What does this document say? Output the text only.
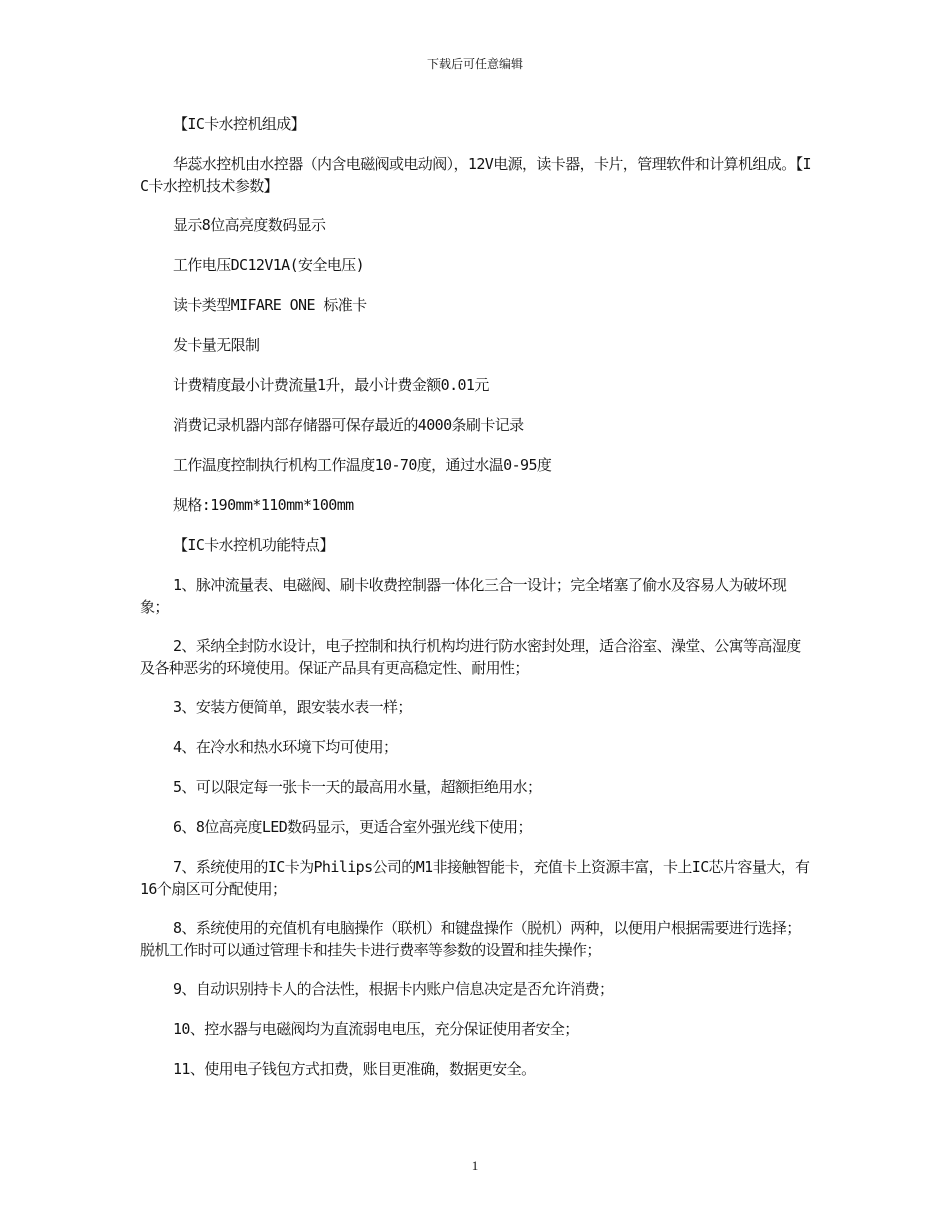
下载后可任意编辑

【IC卡水控机组成】

华蕊水控机由水控器（内含电磁阀或电动阀），12V电源，读卡器，卡片，管理软件和计算机组成。【IC卡水控机技术参数】

显示8位高亮度数码显示

工作电压DC12V1A(安全电压)

读卡类型MIFARE ONE 标准卡

发卡量无限制

计费精度最小计费流量1升，最小计费金额0.01元

消费记录机器内部存储器可保存最近的4000条刷卡记录

工作温度控制执行机构工作温度10-70度，通过水温0-95度

规格:190mm*110mm*100mm

【IC卡水控机功能特点】

1、脉冲流量表、电磁阀、刷卡收费控制器一体化三合一设计；完全堵塞了偷水及容易人为破坏现象；

2、采纳全封防水设计，电子控制和执行机构均进行防水密封处理，适合浴室、澡堂、公寓等高湿度及各种恶劣的环境使用。保证产品具有更高稳定性、耐用性；

3、安装方便简单，跟安装水表一样；

4、在冷水和热水环境下均可使用；

5、可以限定每一张卡一天的最高用水量，超额拒绝用水；

6、8位高亮度LED数码显示，更适合室外强光线下使用；

7、系统使用的IC卡为Philips公司的M1非接触智能卡，充值卡上资源丰富，卡上IC芯片容量大，有16个扇区可分配使用；

8、系统使用的充值机有电脑操作（联机）和键盘操作（脱机）两种，以便用户根据需要进行选择；脱机工作时可以通过管理卡和挂失卡进行费率等参数的设置和挂失操作；

9、自动识别持卡人的合法性，根据卡内账户信息决定是否允许消费；

10、控水器与电磁阀均为直流弱电电压，充分保证使用者安全；

11、使用电子钱包方式扣费，账目更准确，数据更安全。

1
